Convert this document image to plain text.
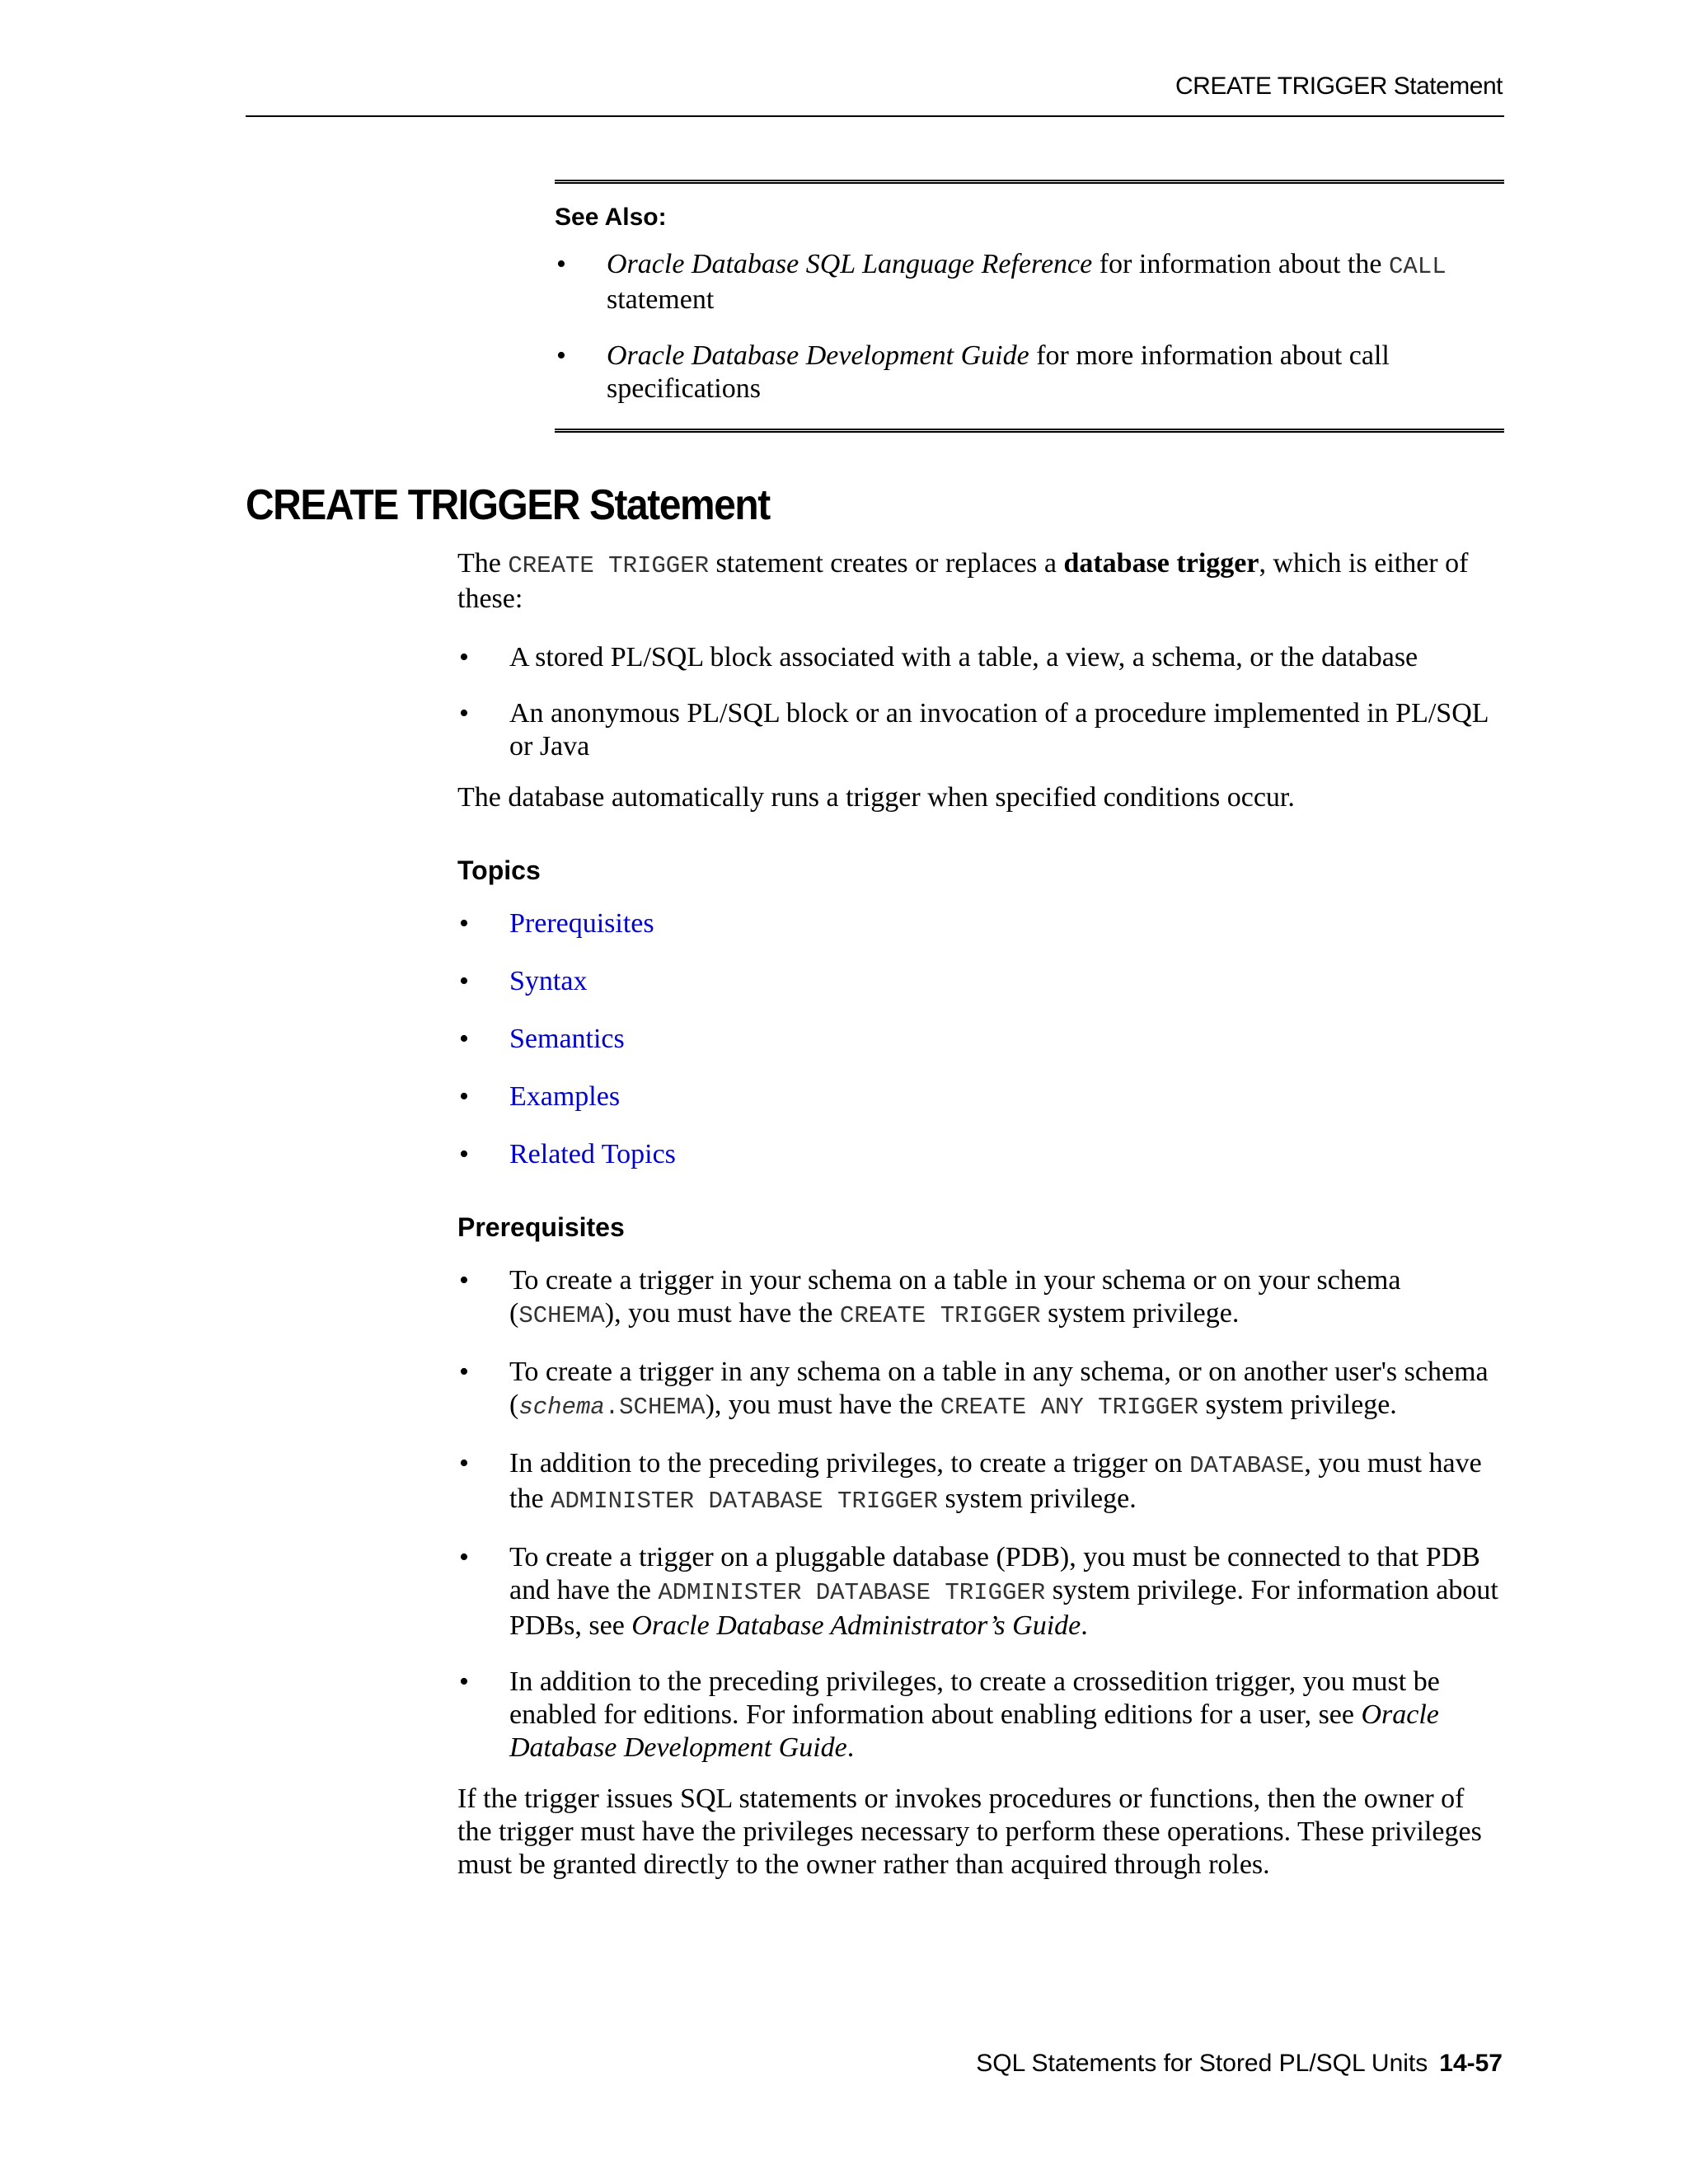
CREATE TRIGGER Statement
See Also:
• Oracle Database SQL Language Reference for information about the CALL statement
• Oracle Database Development Guide for more information about call specifications
CREATE TRIGGER Statement

The CREATE TRIGGER statement creates or replaces a database trigger, which is either of these:

• A stored PL/SQL block associated with a table, a view, a schema, or the database
• An anonymous PL/SQL block or an invocation of a procedure implemented in PL/SQL or Java

The database automatically runs a trigger when specified conditions occur.

Topics
• Prerequisites
• Syntax
• Semantics
• Examples
• Related Topics
Prerequisites
• To create a trigger in your schema on a table in your schema or on your schema (SCHEMA), you must have the CREATE TRIGGER system privilege.
• To create a trigger in any schema on a table in any schema, or on another user's schema (schema.SCHEMA), you must have the CREATE ANY TRIGGER system privilege.
• In addition to the preceding privileges, to create a trigger on DATABASE, you must have the ADMINISTER DATABASE TRIGGER system privilege.
• To create a trigger on a pluggable database (PDB), you must be connected to that PDB and have the ADMINISTER DATABASE TRIGGER system privilege. For information about PDBs, see Oracle Database Administrator’s Guide.
• In addition to the preceding privileges, to create a crossedition trigger, you must be enabled for editions. For information about enabling editions for a user, see Oracle Database Development Guide.

If the trigger issues SQL statements or invokes procedures or functions, then the owner of the trigger must have the privileges necessary to perform these operations. These privileges must be granted directly to the owner rather than acquired through roles.

SQL Statements for Stored PL/SQL Units 14-57
